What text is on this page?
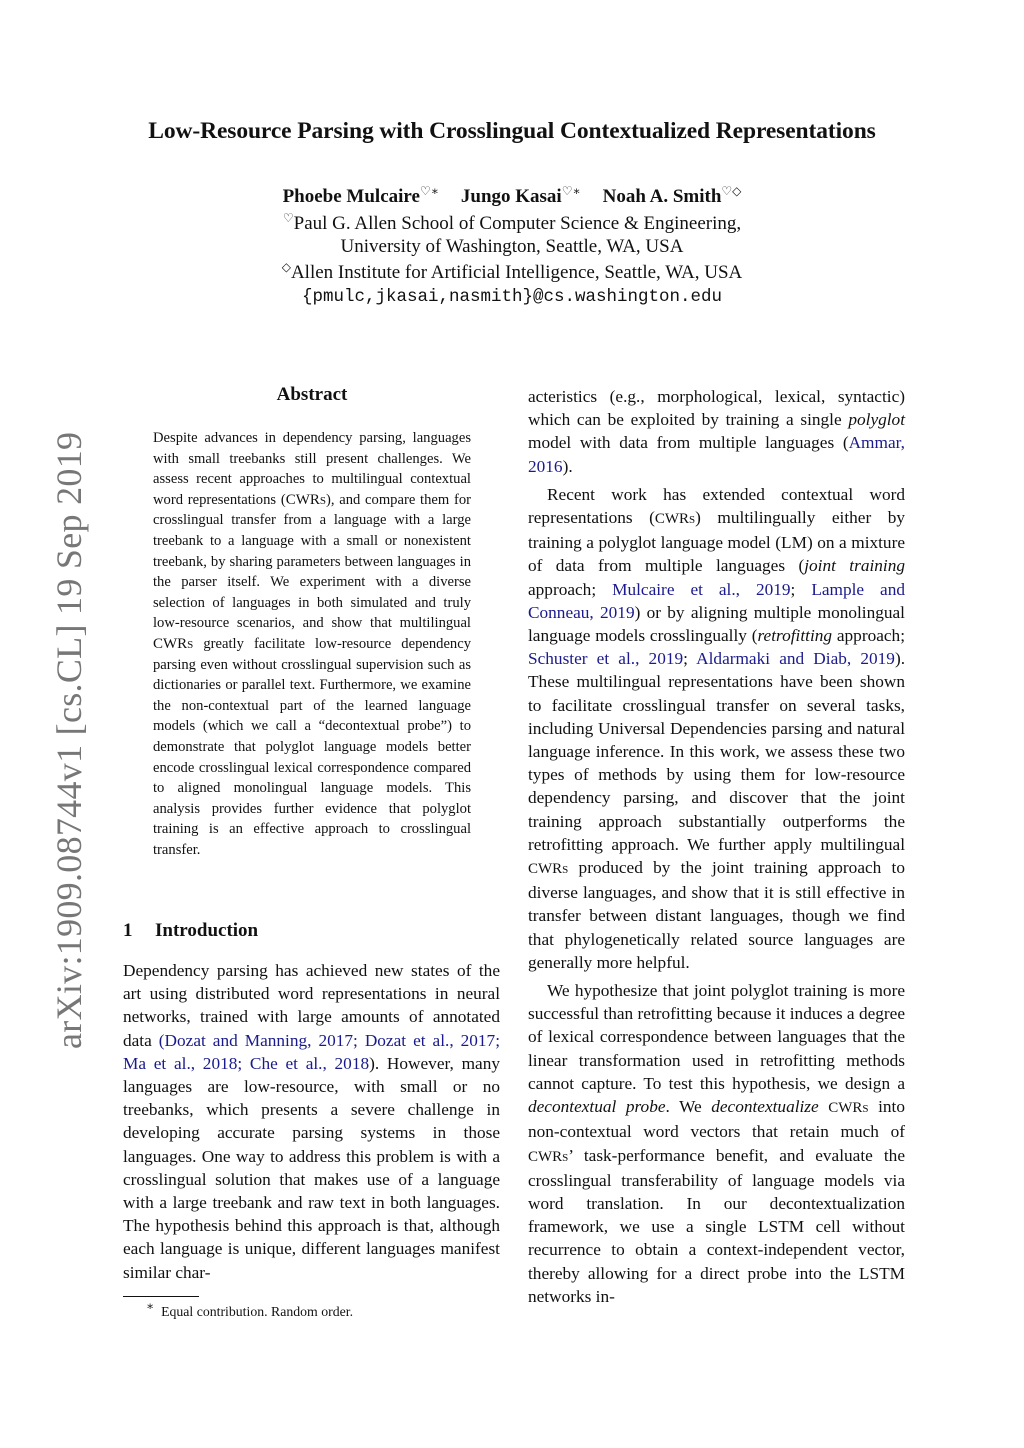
arXiv:1909.08744v1 [cs.CL] 19 Sep 2019
Low-Resource Parsing with Crosslingual Contextualized Representations
Phoebe Mulcaire♡∗ Jungo Kasai♡∗ Noah A. Smith♡◇
♡Paul G. Allen School of Computer Science & Engineering,
University of Washington, Seattle, WA, USA
◇Allen Institute for Artificial Intelligence, Seattle, WA, USA
{pmulc,jkasai,nasmith}@cs.washington.edu
Abstract
Despite advances in dependency parsing, languages with small treebanks still present challenges. We assess recent approaches to multilingual contextual word representations (CWRs), and compare them for crosslingual transfer from a language with a large treebank to a language with a small or nonexistent treebank, by sharing parameters between languages in the parser itself. We experiment with a diverse selection of languages in both simulated and truly low-resource scenarios, and show that multilingual CWRs greatly facilitate low-resource dependency parsing even without crosslingual supervision such as dictionaries or parallel text. Furthermore, we examine the non-contextual part of the learned language models (which we call a “decontextual probe”) to demonstrate that polyglot language models better encode crosslingual lexical correspondence compared to aligned monolingual language models. This analysis provides further evidence that polyglot training is an effective approach to crosslingual transfer.
1 Introduction

Dependency parsing has achieved new states of the art using distributed word representations in neural networks, trained with large amounts of annotated data (Dozat and Manning, 2017; Dozat et al., 2017; Ma et al., 2018; Che et al., 2018). However, many languages are low-resource, with small or no treebanks, which presents a severe challenge in developing accurate parsing systems in those languages. One way to address this problem is with a crosslingual solution that makes use of a language with a large treebank and raw text in both languages. The hypothesis behind this approach is that, although each language is unique, different languages manifest similar char-

acteristics (e.g., morphological, lexical, syntactic) which can be exploited by training a single polyglot model with data from multiple languages (Ammar, 2016).

Recent work has extended contextual word representations (CWRs) multilingually either by training a polyglot language model (LM) on a mixture of data from multiple languages (joint training approach; Mulcaire et al., 2019; Lample and Conneau, 2019) or by aligning multiple monolingual language models crosslingually (retrofitting approach; Schuster et al., 2019; Aldarmaki and Diab, 2019). These multilingual representations have been shown to facilitate crosslingual transfer on several tasks, including Universal Dependencies parsing and natural language inference. In this work, we assess these two types of methods by using them for low-resource dependency parsing, and discover that the joint training approach substantially outperforms the retrofitting approach. We further apply multilingual CWRs produced by the joint training approach to diverse languages, and show that it is still effective in transfer between distant languages, though we find that phylogenetically related source languages are generally more helpful.

We hypothesize that joint polyglot training is more successful than retrofitting because it induces a degree of lexical correspondence between languages that the linear transformation used in retrofitting methods cannot capture. To test this hypothesis, we design a decontextual probe. We decontextualize CWRs into non-contextual word vectors that retain much of CWRs’ task-performance benefit, and evaluate the crosslingual transferability of language models via word translation. In our decontextualization framework, we use a single LSTM cell without recurrence to obtain a context-independent vector, thereby allowing for a direct probe into the LSTM networks in-

∗ Equal contribution. Random order.
